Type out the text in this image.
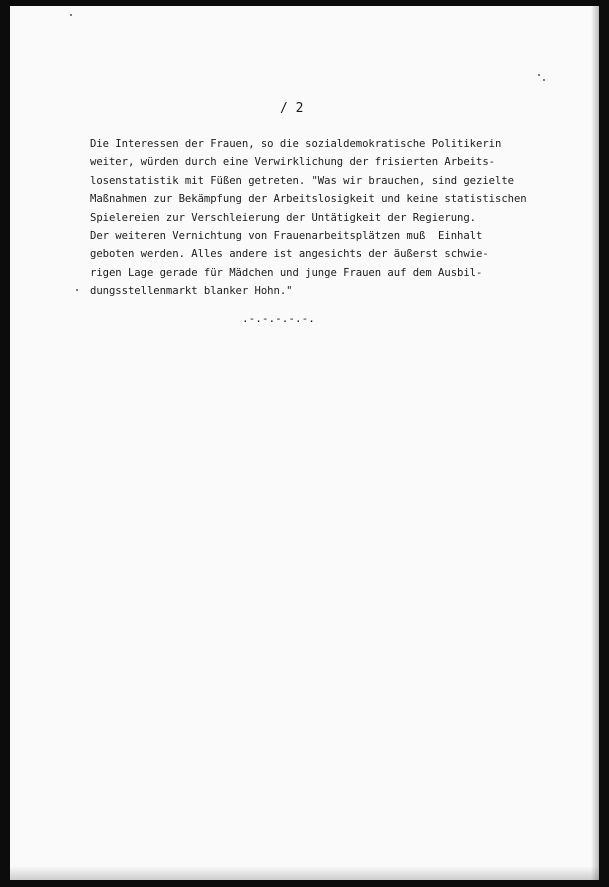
/ 2
Die Interessen der Frauen, so die sozialdemokratische Politikerin
weiter, würden durch eine Verwirklichung der frisierten Arbeits-
losenstatistik mit Füßen getreten. "Was wir brauchen, sind gezielte
Maßnahmen zur Bekämpfung der Arbeitslosigkeit und keine statistischen
Spielereien zur Verschleierung der Untätigkeit der Regierung.
Der weiteren Vernichtung von Frauenarbeitsplätzen muß  Einhalt
geboten werden. Alles andere ist angesichts der äußerst schwie-
rigen Lage gerade für Mädchen und junge Frauen auf dem Ausbil-
dungsstellenmarkt blanker Hohn."
.-.-.-.-.-.
